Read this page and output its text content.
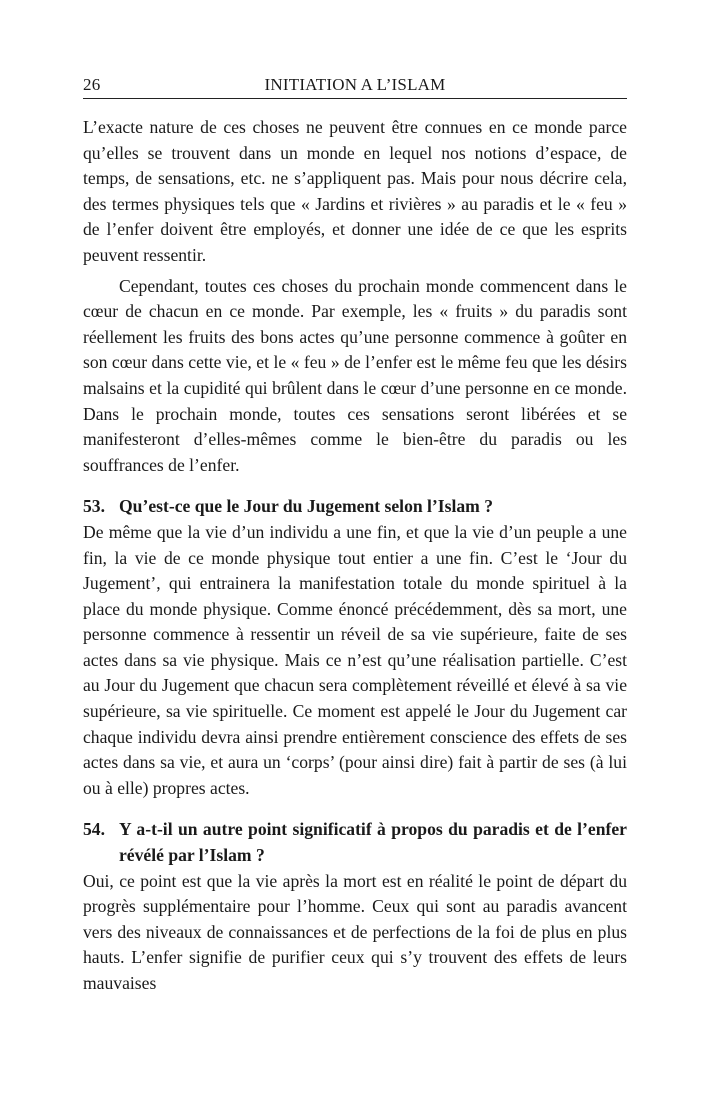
26	INITIATION A L’ISLAM

L’exacte nature de ces choses ne peuvent être connues en ce monde parce qu’elles se trouvent dans un monde en lequel nos notions d’espace, de temps, de sensations, etc. ne s’appliquent pas. Mais pour nous décrire cela, des termes physiques tels que « Jardins et rivières » au paradis et le « feu » de l’enfer doivent être employés, et donner une idée de ce que les esprits peuvent ressentir.

Cependant, toutes ces choses du prochain monde commencent dans le cœur de chacun en ce monde. Par exemple, les « fruits » du paradis sont réellement les fruits des bons actes qu’une personne commence à goûter en son cœur dans cette vie, et le « feu » de l’enfer est le même feu que les désirs malsains et la cupidité qui brûlent dans le cœur d’une personne en ce monde. Dans le prochain monde, toutes ces sensations seront libérées et se manifesteront d’elles-mêmes comme le bien-être du paradis ou les souffrances de l’enfer.

53. Qu’est-ce que le Jour du Jugement selon l’Islam ?

De même que la vie d’un individu a une fin, et que la vie d’un peuple a une fin, la vie de ce monde physique tout entier a une fin. C’est le ‘Jour du Jugement’, qui entrainera la manifestation totale du monde spirituel à la place du monde physique. Comme énoncé précédemment, dès sa mort, une personne commence à ressentir un réveil de sa vie supérieure, faite de ses actes dans sa vie physique. Mais ce n’est qu’une réalisation partielle. C’est au Jour du Jugement que chacun sera complètement réveillé et élevé à sa vie supérieure, sa vie spirituelle. Ce moment est appelé le Jour du Jugement car chaque individu devra ainsi prendre entièrement conscience des effets de ses actes dans sa vie, et aura un ‘corps’ (pour ainsi dire) fait à partir de ses (à lui ou à elle) propres actes.

54. Y a-t-il un autre point significatif à propos du paradis et de l’enfer révélé par l’Islam ?

Oui, ce point est que la vie après la mort est en réalité le point de départ du progrès supplémentaire pour l’homme. Ceux qui sont au paradis avancent vers des niveaux de connaissances et de perfections de la foi de plus en plus hauts. L’enfer signifie de purifier ceux qui s’y trouvent des effets de leurs mauvaises
